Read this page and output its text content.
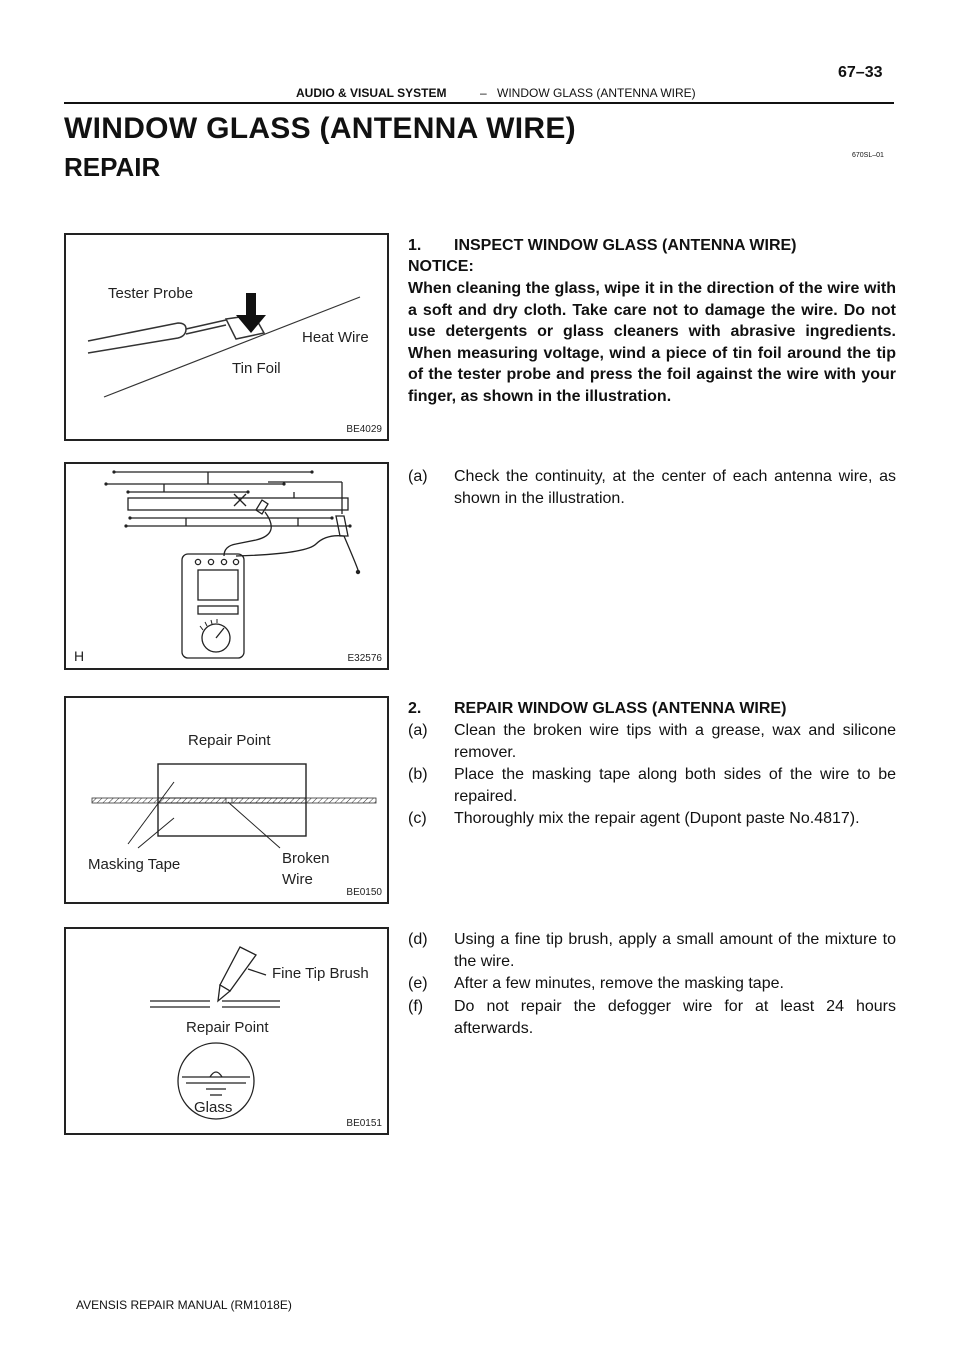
67–33
AUDIO & VISUAL SYSTEM	– WINDOW GLASS (ANTENNA WIRE)
WINDOW GLASS (ANTENNA WIRE)
REPAIR	670SL–01
Tester Probe
Heat Wire
Tin Foil
BE4029
H	E32576
Repair Point
Masking Tape	Broken
Wire
BE0150
Fine Tip Brush
Repair Point
Glass
BE0151
1. INSPECT WINDOW GLASS (ANTENNA WIRE)
NOTICE:
When cleaning the glass, wipe it in the direction of the wire with a soft and dry cloth. Take care not to damage the wire. Do not use detergents or glass cleaners with abrasive ingredients. When measuring voltage, wind a piece of tin foil around the tip of the tester probe and press the foil against the wire with your finger, as shown in the illustration.
(a) Check the continuity, at the center of each antenna wire, as shown in the illustration.
2. REPAIR WINDOW GLASS (ANTENNA WIRE)
(a) Clean the broken wire tips with a grease, wax and silicone remover.
(b) Place the masking tape along both sides of the wire to be repaired.
(c) Thoroughly mix the repair agent (Dupont paste No.4817).
(d) Using a fine tip brush, apply a small amount of the mixture to the wire.
(e) After a few minutes, remove the masking tape.
(f) Do not repair the defogger wire for at least 24 hours afterwards.
AVENSIS REPAIR MANUAL (RM1018E)
